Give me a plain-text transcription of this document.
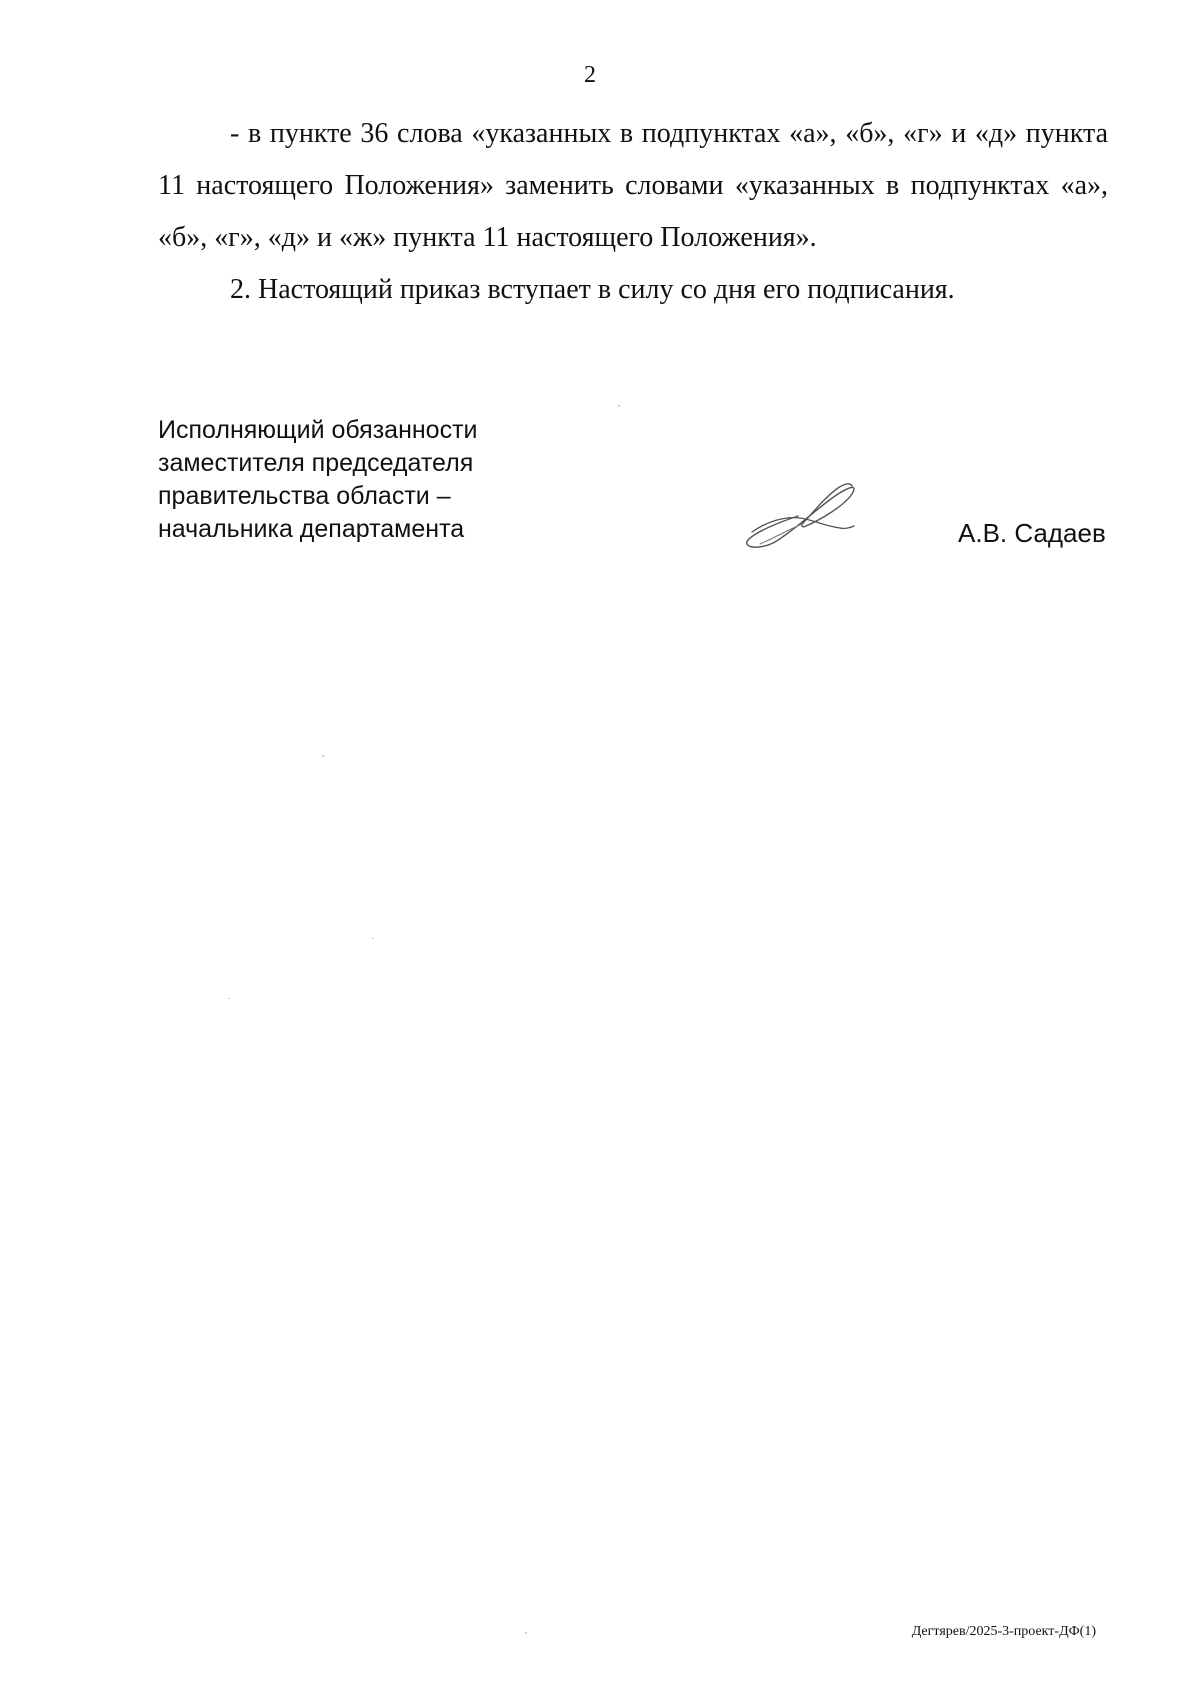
2

- в пункте 36 слова «указанных в подпунктах «а», «б», «г» и «д» пункта 11 настоящего Положения» заменить словами «указанных в подпунктах «а», «б», «г», «д» и «ж» пункта 11 настоящего Положения».

2. Настоящий приказ вступает в силу со дня его подписания.

Исполняющий обязанности
заместителя председателя
правительства области –
начальника департамента	А.В. Садаев
Дегтярев/2025-3-проект-ДФ(1)
